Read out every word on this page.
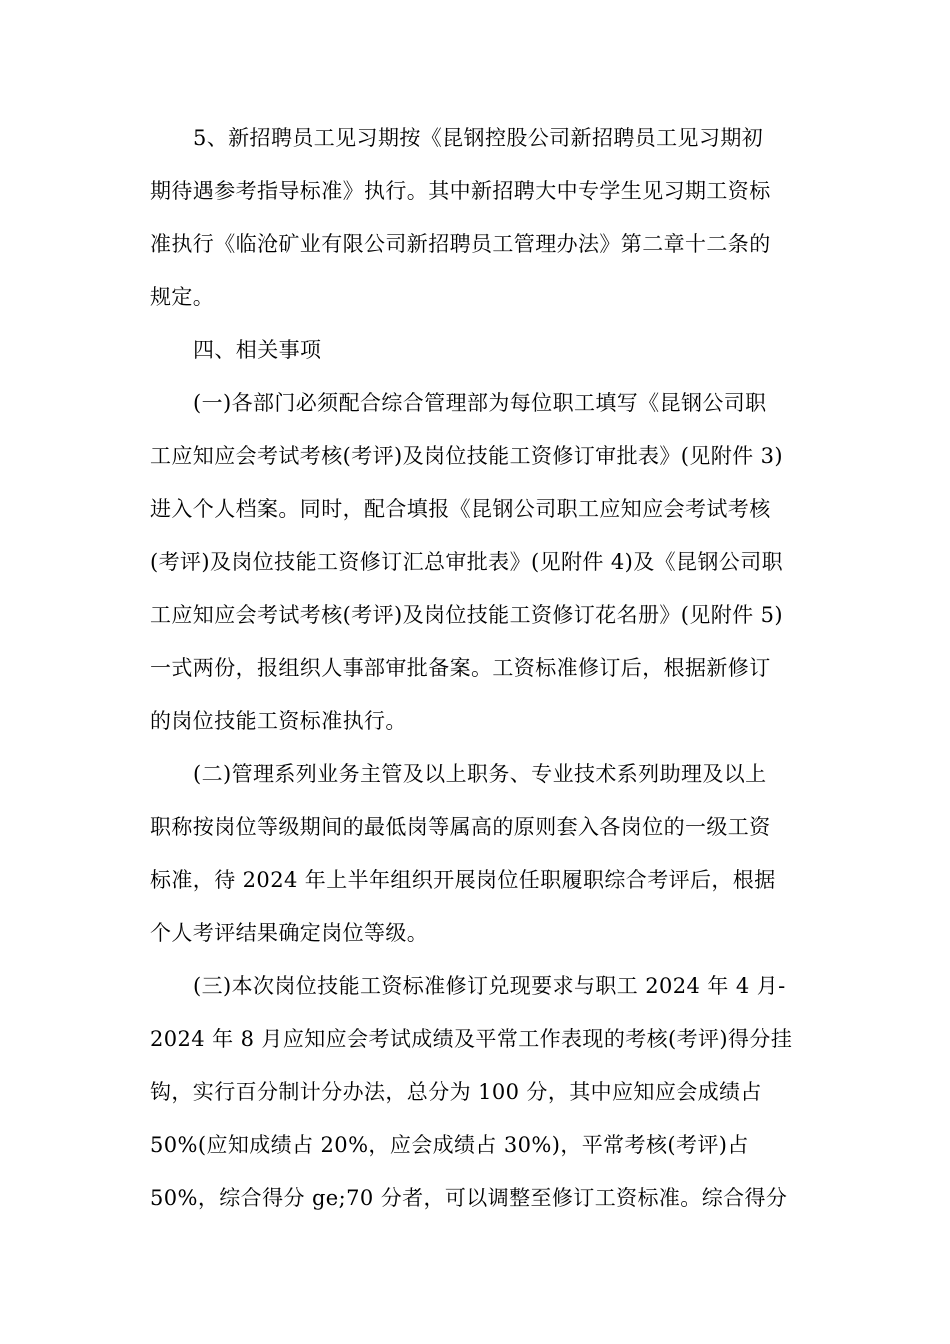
5、新招聘员工见习期按《昆钢控股公司新招聘员工见习期初
期待遇参考指导标准》执行。其中新招聘大中专学生见习期工资标
准执行《临沧矿业有限公司新招聘员工管理办法》第二章十二条的
规定。
四、相关事项
(一)各部门必须配合综合管理部为每位职工填写《昆钢公司职
工应知应会考试考核(考评)及岗位技能工资修订审批表》(见附件 3)
进入个人档案。同时，配合填报《昆钢公司职工应知应会考试考核
(考评)及岗位技能工资修订汇总审批表》(见附件 4)及《昆钢公司职
工应知应会考试考核(考评)及岗位技能工资修订花名册》(见附件 5)
一式两份，报组织人事部审批备案。工资标准修订后，根据新修订
的岗位技能工资标准执行。
(二)管理系列业务主管及以上职务、专业技术系列助理及以上
职称按岗位等级期间的最低岗等属高的原则套入各岗位的一级工资
标准，待 2024 年上半年组织开展岗位任职履职综合考评后，根据
个人考评结果确定岗位等级。
(三)本次岗位技能工资标准修订兑现要求与职工 2024 年 4 月-
2024 年 8 月应知应会考试成绩及平常工作表现的考核(考评)得分挂
钩，实行百分制计分办法，总分为 100 分，其中应知应会成绩占
50%(应知成绩占 20%，应会成绩占 30%)，平常考核(考评)占
50%，综合得分 ge;70 分者，可以调整至修订工资标准。综合得分
